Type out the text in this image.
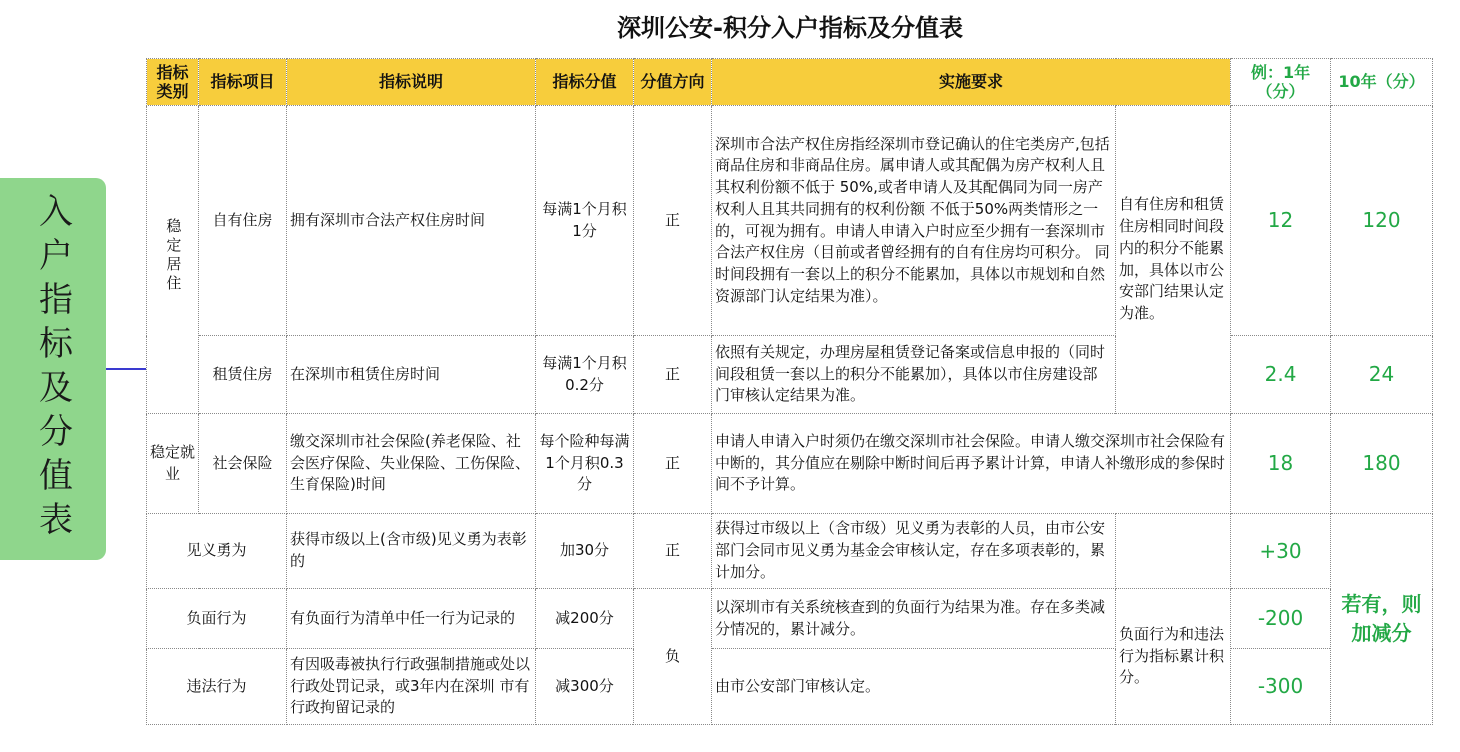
深圳公安-积分入户指标及分值表
入户指标及分值表
指标类别	指标项目	指标说明	指标分值	分值方向	实施要求		例：1年（分）	10年（分）
稳定居住	自有住房	拥有深圳市合法产权住房时间	每满1个月积1分	正	深圳市合法产权住房指经深圳市登记确认的住宅类房产,包括商品住房和非商品住房。属申请人或其配偶为房产权利人且其权利份额不低于 50%,或者申请人及其配偶同为同一房产权利人且其共同拥有的权利份额 不低于50%两类情形之一的，可视为拥有。申请人申请入户时应至少拥有一套深圳市合法产权住房（目前或者曾经拥有的自有住房均可积分。 同时间段拥有一套以上的积分不能累加，具体以市规划和自然资源部门认定结果为准）。	自有住房和租赁住房相同时间段内的积分不能累加，具体以市公安部门结果认定为准。	12	120
	租赁住房	在深圳市租赁住房时间	每满1个月积0.2分	正	依照有关规定，办理房屋租赁登记备案或信息申报的（同时间段租赁一套以上的积分不能累加），具体以市住房建设部门审核认定结果为准。		2.4	24
稳定就业	社会保险	缴交深圳市社会保险(养老保险、社会医疗保险、失业保险、工伤保险、生育保险)时间	每个险种每满1个月积0.3分	正	申请人申请入户时须仍在缴交深圳市社会保险。申请人缴交深圳市社会保险有中断的，其分值应在剔除中断时间后再予累计计算，申请人补缴形成的参保时间不予计算。		18	180
见义勇为		获得市级以上(含市级)见义勇为表彰的	加30分	正	获得过市级以上（含市级）见义勇为表彰的人员，由市公安部门会同市见义勇为基金会审核认定，存在多项表彰的，累计加分。		+30	若有，则加减分
负面行为		有负面行为清单中任一行为记录的	减200分	负	以深圳市有关系统核查到的负面行为结果为准。存在多类减分情况的，累计减分。	负面行为和违法行为指标累计积分。	-200	
违法行为		有因吸毒被执行行政强制措施或处以行政处罚记录，或3年内在深圳 市有行政拘留记录的	减300分		由市公安部门审核认定。		-300	
